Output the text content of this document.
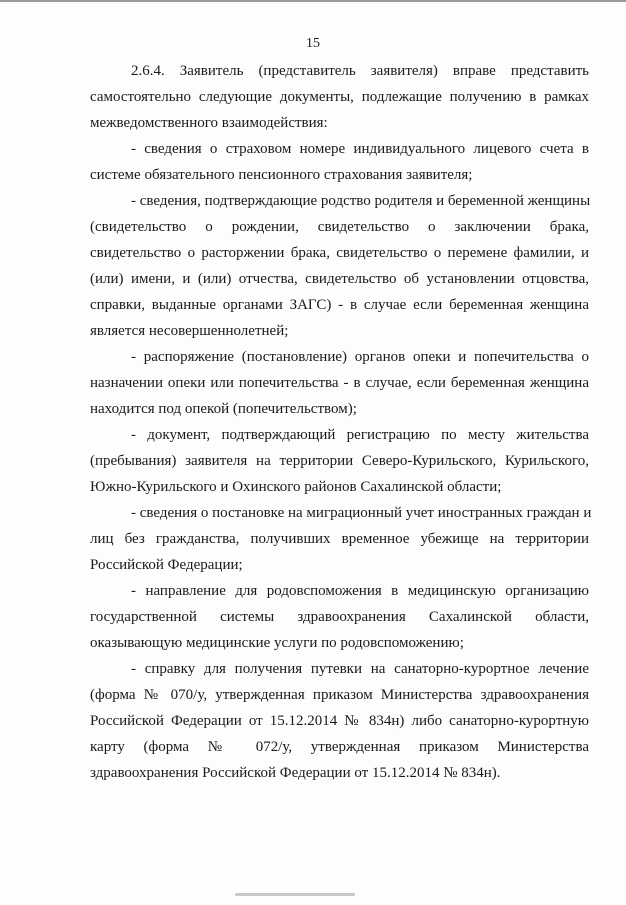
15
2.6.4. Заявитель (представитель заявителя) вправе представить
самостоятельно следующие документы, подлежащие получению в рамках
межведомственного взаимодействия:
- сведения о страховом номере индивидуального лицевого счета в
системе обязательного пенсионного страхования заявителя;
- сведения, подтверждающие родство родителя и беременной женщины
(свидетельство о рождении, свидетельство о заключении брака,
свидетельство о расторжении брака, свидетельство о перемене фамилии, и
(или) имени, и (или) отчества, свидетельство об установлении отцовства,
справки, выданные органами ЗАГС) - в случае если беременная женщина
является несовершеннолетней;
- распоряжение (постановление) органов опеки и попечительства о
назначении опеки или попечительства - в случае, если беременная женщина
находится под опекой (попечительством);
- документ, подтверждающий регистрацию по месту жительства
(пребывания) заявителя на территории Северо-Курильского, Курильского,
Южно-Курильского и Охинского районов Сахалинской области;
- сведения о постановке на миграционный учет иностранных граждан и
лиц без гражданства, получивших временное убежище на территории
Российской Федерации;
- направление для родовспоможения в медицинскую организацию
государственной системы здравоохранения Сахалинской области,
оказывающую медицинские услуги по родовспоможению;
- справку для получения путевки на санаторно-курортное лечение
(форма № 070/у, утвержденная приказом Министерства здравоохранения
Российской Федерации от 15.12.2014 № 834н) либо санаторно-курортную
карту (форма № 072/у, утвержденная приказом Министерства
здравоохранения Российской Федерации от 15.12.2014 № 834н).
